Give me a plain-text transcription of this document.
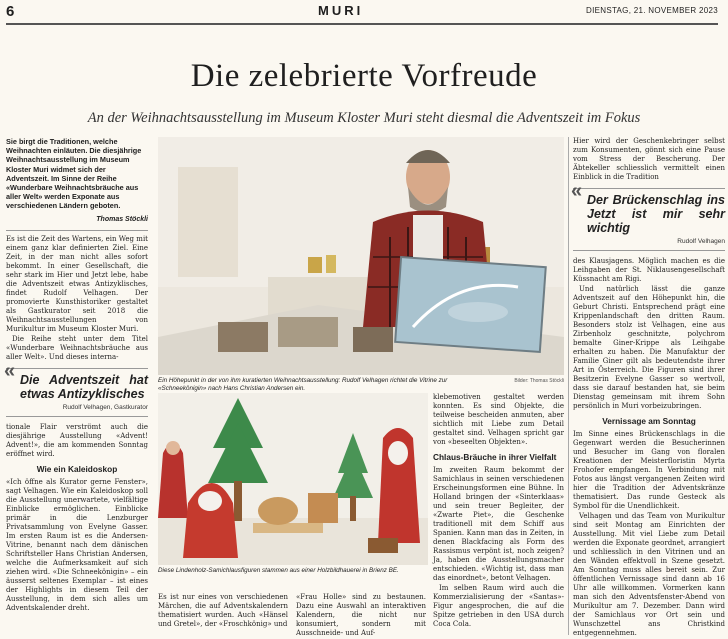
6	MURI	DIENSTAG, 21. NOVEMBER 2023
Die zelebrierte Vorfreude
An der Weihnachtsausstellung im Museum Kloster Muri steht diesmal die Adventszeit im Fokus
Sie birgt die Traditionen, welche Weihnachten einläuten. Die diesjährige Weihnachtsausstellung im Museum Kloster Muri widmet sich der Adventszeit. Im Sinne der Reihe «Wunderbare Weihnachtsbräuche aus aller Welt» werden Exponate aus verschiedenen Ländern geboten.
Thomas Stöckli

Es ist die Zeit des Wartens, ein Weg mit einem ganz klar definierten Ziel. Eine Zeit, in der man nicht alles sofort bekommt. In einer Gesellschaft, die sehr stark im Hier und Jetzt lebe, habe die Adventszeit etwas Antizyklisches, findet Rudolf Velhagen. Der promovierte Kunsthistoriker gestaltet als Gastkurator seit 2018 die Weihnachtsausstellungen von Murikultur im Museum Kloster Muri.

Die Reihe steht unter dem Titel «Wunderbare Weihnachtsbräuche aus aller Welt». Und dieses interna-

« Die Adventszeit hat etwas Antizyklisches
Rudolf Velhagen, Gastkurator

tionale Flair verströmt auch die diesjährige Ausstellung «Advent! Advent!», die am kommenden Sonntag eröffnet wird.

Wie ein Kaleidoskop

«Ich öffne als Kurator gerne Fenster», sagt Velhagen. Wie ein Kaleidoskop soll die Ausstellung unerwartete, vielfältige Einblicke ermöglichen. Einblicke primär in die Lenzburger Privatsammlung von Evelyne Gasser. Im ersten Raum ist es die Andersen-Vitrine, benannt nach dem dänischen Schriftsteller Hans Christian Andersen, welche die Aufmerksamkeit auf sich ziehen wird. «Die Schneekönigin» – ein äusserst seltenes Exemplar – ist eines der Highlights in diesem Teil der Ausstellung, in dem sich alles um Adventskalender dreht.

Ein Höhepunkt in der von ihm kuratierten Weihnachtsausstellung: Rudolf Velhagen richtet die Vitrine zur «Schneekönigin» nach Hans Christian Andersen ein.
Bilder: Thomas Stöckli

klebemotiven gestaltet werden konnten. Es sind Objekte, die teilweise bescheiden anmuten, aber sichtlich mit Liebe zum Detail gestaltet sind. Velhagen spricht gar von «beseelten Objekten».

Chlaus-Bräuche in ihrer Vielfalt

Im zweiten Raum bekommt der Samichlaus in seinen verschiedenen Erscheinungsformen eine Bühne. In Holland bringen der «Sinterklaas» und sein treuer Begleiter, der «Zwarte Piet», die Geschenke traditionell mit dem Schiff aus Spanien. Kann man das in Zeiten, in denen Blackfacing als Form des Rassismus verpönt ist, noch zeigen? Ja, haben die Ausstellungsmacher entschieden. «Wichtig ist, dass man das einordnet», betont Velhagen.

Im selben Raum wird auch die Kommerzialisierung der «Santas»-Figur angesprochen, die auf die Spitze getrieben in den USA durch Coca Cola.

Diese Lindenholz-Samichlausfiguren stammen aus einer Holzbildhauerei in Brienz BE.

Es ist nur eines von verschiedenen Märchen, die auf Adventskalendern thematisiert wurden. Auch «Hänsel und Gretel», der «Froschkönig» und

«Frau Holle» sind zu bestaunen. Dazu eine Auswahl an interaktiven Kalendern, die nicht nur konsumiert, sondern mit Ausschneide- und Auf-

Hier wird der Geschenkebringer selbst zum Konsumenten, gönnt sich eine Pause vom Stress der Bescherung. Der Äbtekeller schliesslich vermittelt einen Einblick in die Tradition

« Der Brückenschlag ins Jetzt ist mir sehr wichtig
Rudolf Velhagen

des Klausjagens. Möglich machen es die Leihgaben der St. Niklausengesellschaft Küssnacht am Rigi.

Und natürlich lässt die ganze Adventszeit auf den Höhepunkt hin, die Geburt Christi. Entsprechend prägt eine Krippenlandschaft den dritten Raum. Besonders stolz ist Velhagen, eine aus Zirbenholz geschnitzte, polychrom bemalte Giner-Krippe als Leihgabe erhalten zu haben. Die Manufaktur der Familie Giner gilt als bedeutendste ihrer Art in Österreich. Die Figuren sind ihrer Besitzerin Evelyne Gasser so wertvoll, dass sie darauf bestanden hat, sie beim Dienstag gemeinsam mit ihrem Sohn persönlich in Muri vorbeizubringen.

Vernissage am Sonntag

Im Sinne eines Brückenschlags in die Gegenwart werden die Besucherinnen und Besucher im Gang von floralen Kreationen der Meisterfloristin Myrta Frohofer empfangen. In Verbindung mit Fotos aus längst vergangenen Zeiten wird hier die Tradition der Adventskränze thematisiert. Das runde Gesteck als Symbol für die Unendlichkeit.

Velhagen und das Team von Murikultur sind seit Montag am Einrichten der Ausstellung. Mit viel Liebe zum Detail werden die Exponate geordnet, arrangiert und schliesslich in den Vitrinen und an den Wänden effektvoll in Szene gesetzt. Am Sonntag muss alles bereit sein. Zur öffentlichen Vernissage sind dann ab 16 Uhr alle willkommen. Vormerken kann man sich den Adventsfenster-Abend von Murikultur am 7. Dezember. Dann wird der Samichlaus vor Ort sein und Wunschzettel ans Christkind entgegennehmen.
